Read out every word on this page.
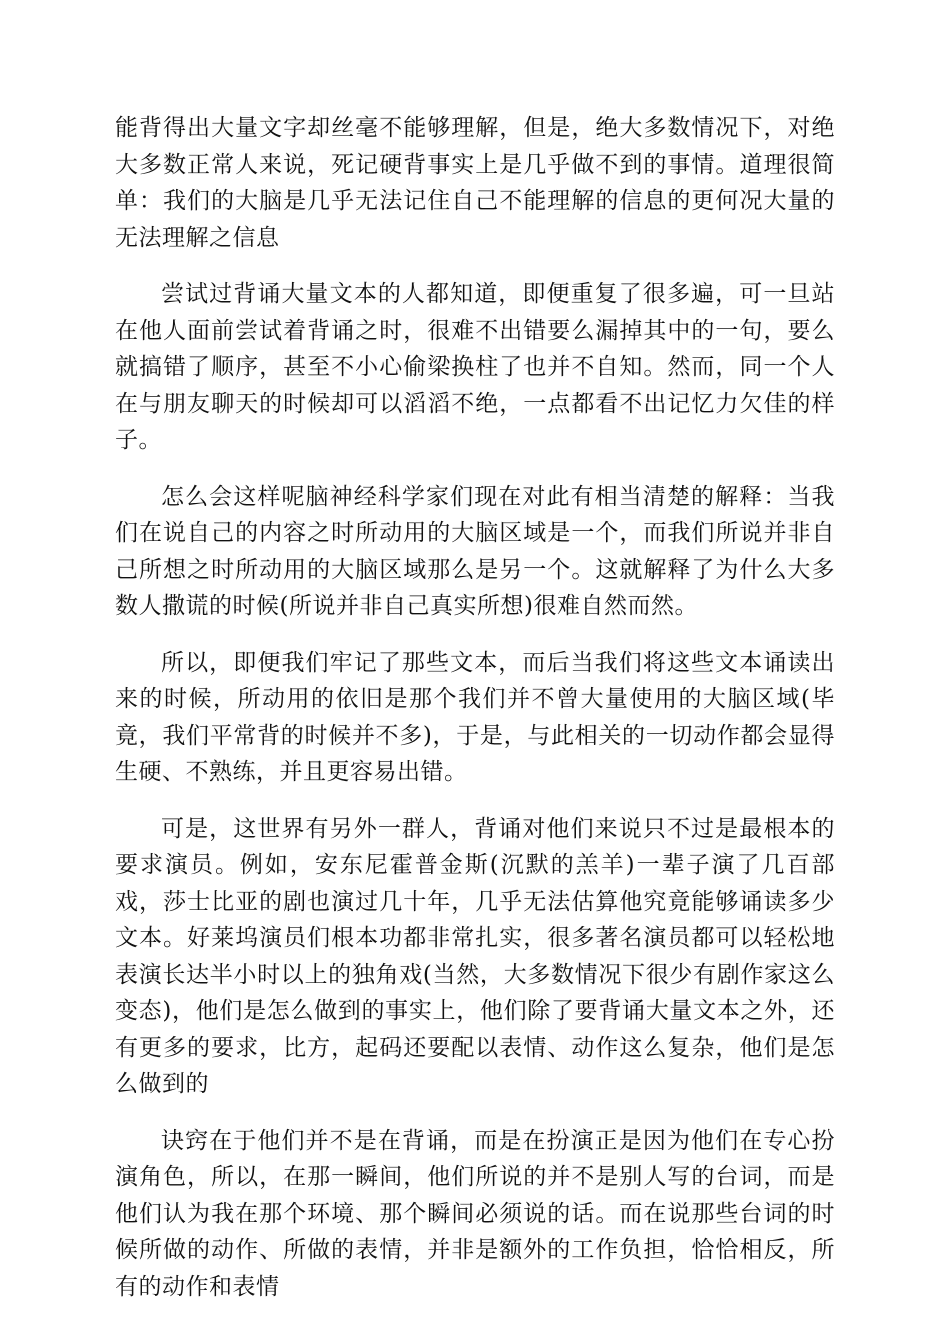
能背得出大量文字却丝毫不能够理解，但是，绝大多数情况下，对绝大多数正常人来说，死记硬背事实上是几乎做不到的事情。道理很简单：我们的大脑是几乎无法记住自己不能理解的信息的更何况大量的无法理解之信息

尝试过背诵大量文本的人都知道，即便重复了很多遍，可一旦站在他人面前尝试着背诵之时，很难不出错要么漏掉其中的一句，要么就搞错了顺序，甚至不小心偷梁换柱了也并不自知。然而，同一个人在与朋友聊天的时候却可以滔滔不绝，一点都看不出记忆力欠佳的样子。

怎么会这样呢脑神经科学家们现在对此有相当清楚的解释：当我们在说自己的内容之时所动用的大脑区域是一个，而我们所说并非自己所想之时所动用的大脑区域那么是另一个。这就解释了为什么大多数人撒谎的时候(所说并非自己真实所想)很难自然而然。

所以，即便我们牢记了那些文本，而后当我们将这些文本诵读出来的时候，所动用的依旧是那个我们并不曾大量使用的大脑区域(毕竟，我们平常背的时候并不多)，于是，与此相关的一切动作都会显得生硬、不熟练，并且更容易出错。

可是，这世界有另外一群人，背诵对他们来说只不过是最根本的要求演员。例如，安东尼霍普金斯(沉默的羔羊)一辈子演了几百部戏，莎士比亚的剧也演过几十年，几乎无法估算他究竟能够诵读多少文本。好莱坞演员们根本功都非常扎实，很多著名演员都可以轻松地表演长达半小时以上的独角戏(当然，大多数情况下很少有剧作家这么变态)，他们是怎么做到的事实上，他们除了要背诵大量文本之外，还有更多的要求，比方，起码还要配以表情、动作这么复杂，他们是怎么做到的

诀窍在于他们并不是在背诵，而是在扮演正是因为他们在专心扮演角色，所以，在那一瞬间，他们所说的并不是别人写的台词，而是他们认为我在那个环境、那个瞬间必须说的话。而在说那些台词的时候所做的动作、所做的表情，并非是额外的工作负担，恰恰相反，所有的动作和表情
